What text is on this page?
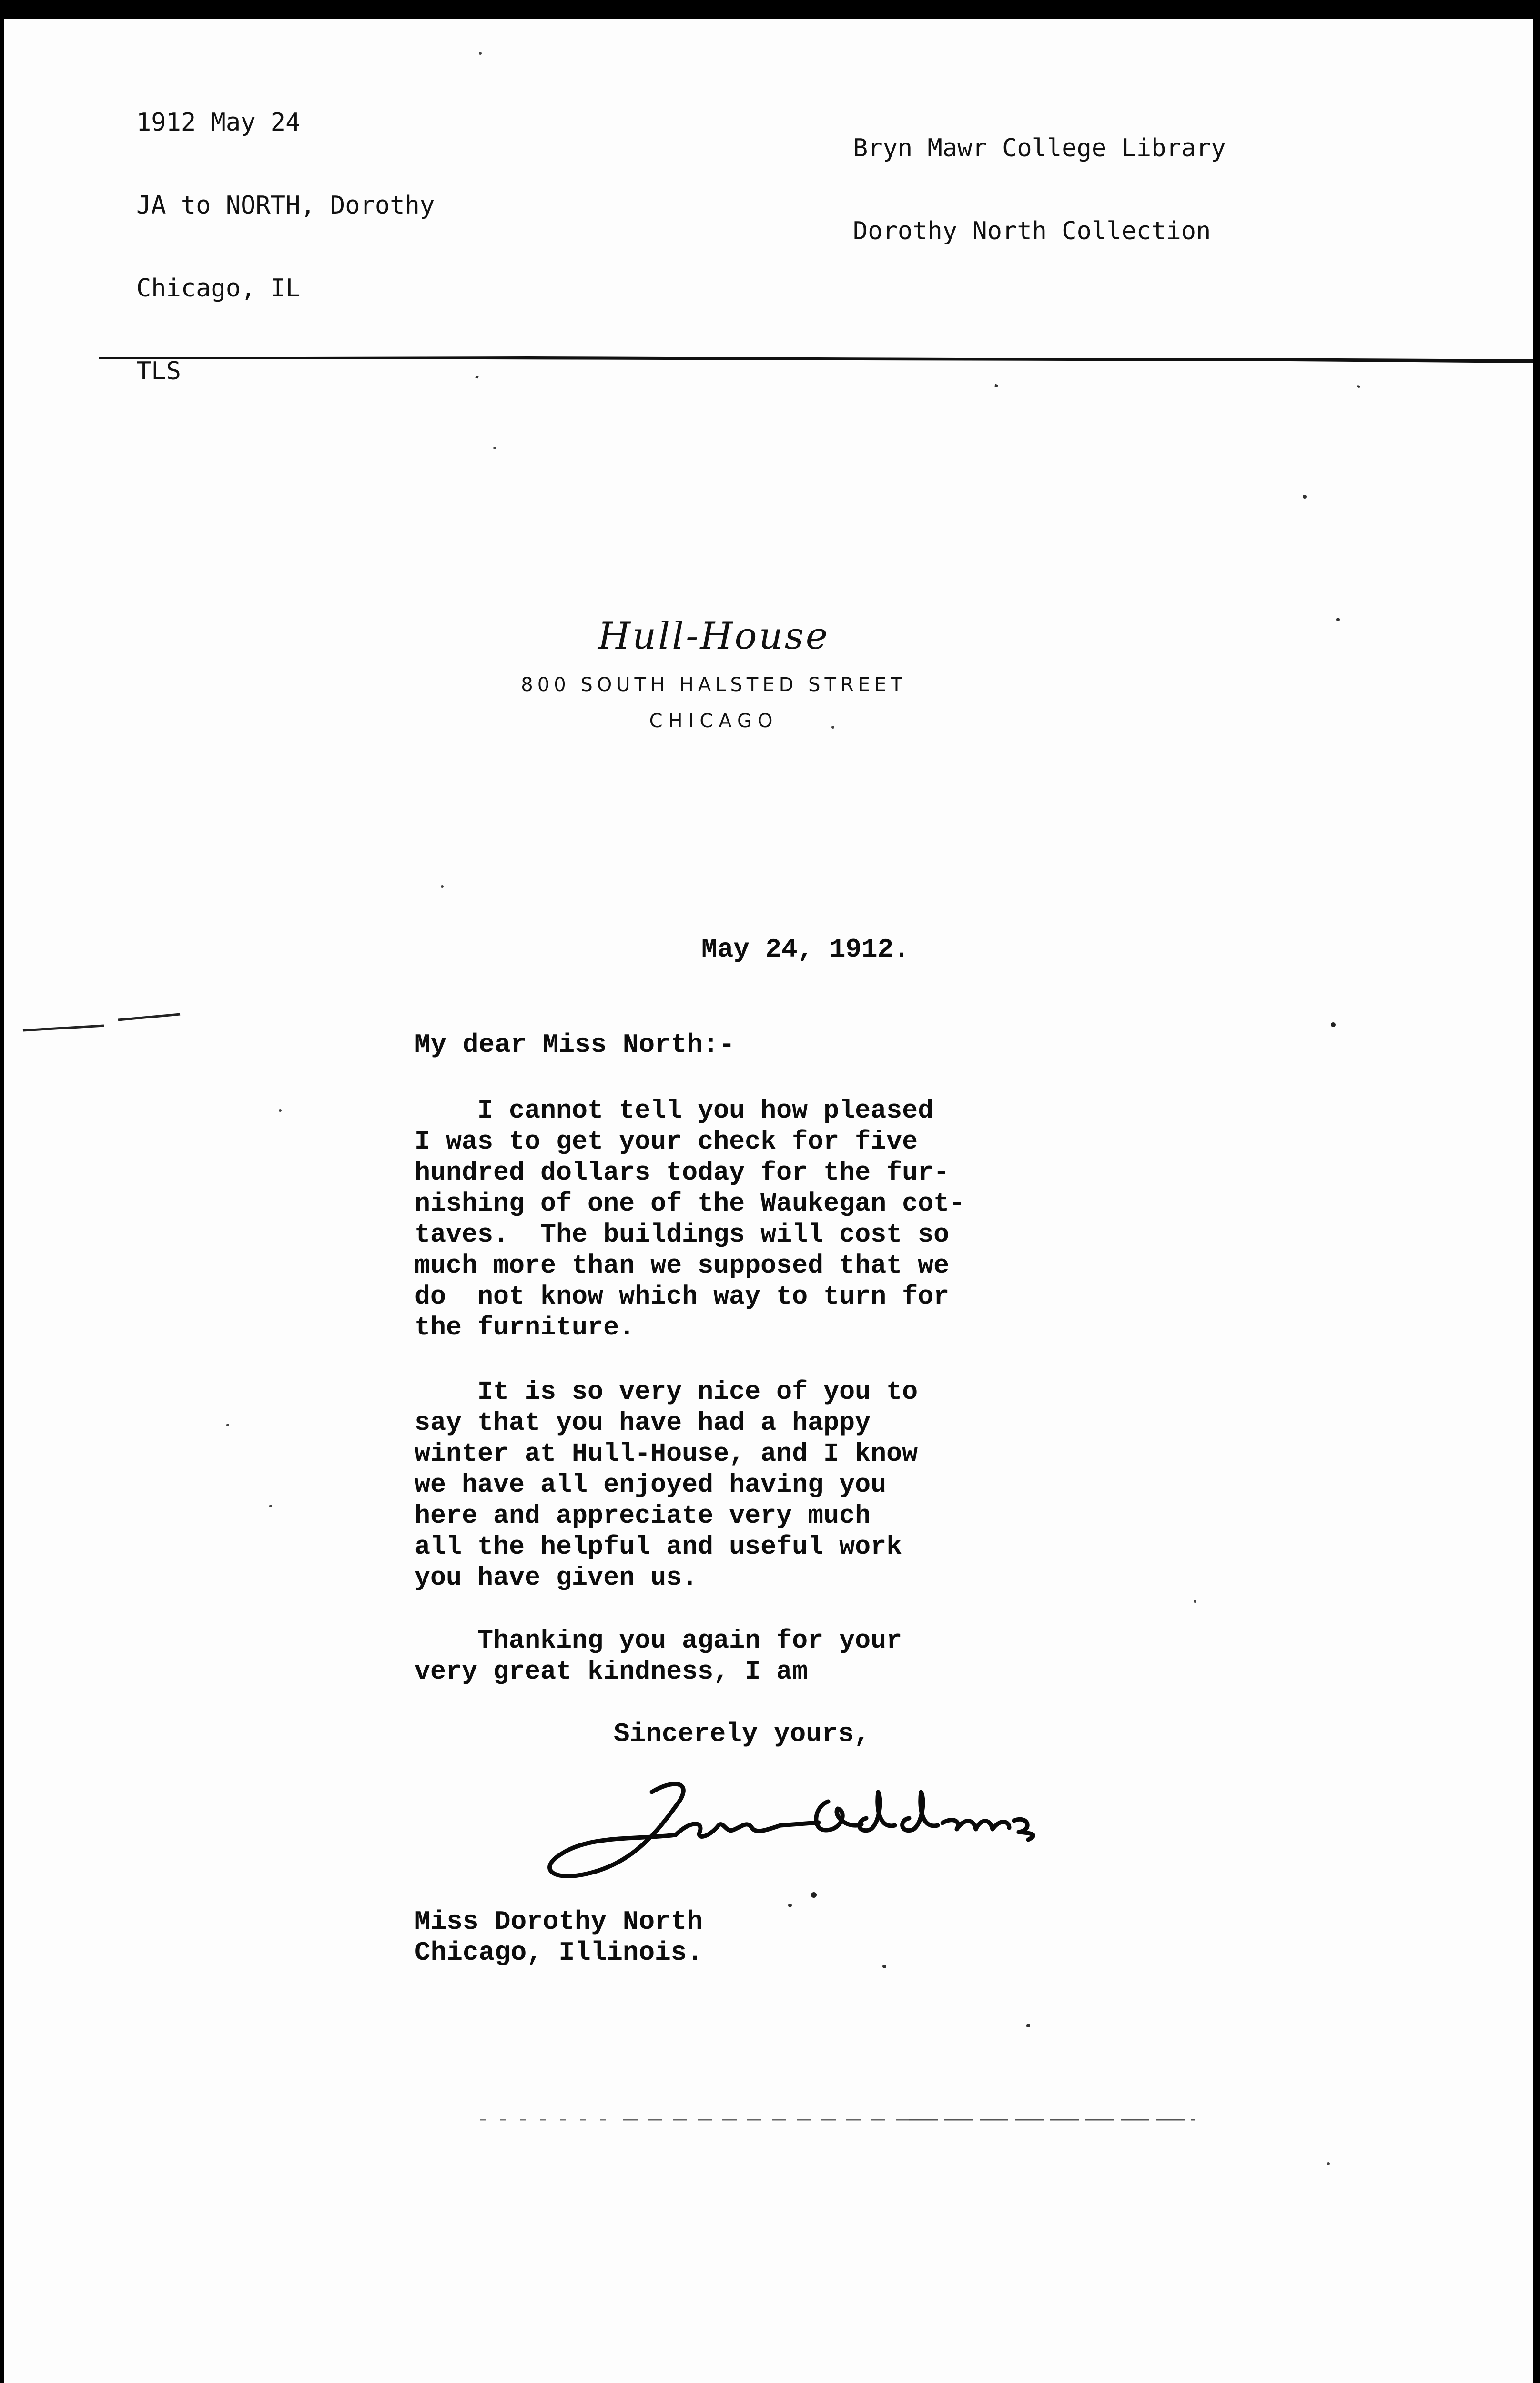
1912 May 24

JA to NORTH, Dorothy

Chicago, IL

TLS

Bryn Mawr College Library

Dorothy North Collection

Hull-House
800 SOUTH HALSTED STREET
CHICAGO
May 24, 1912.
My dear Miss North:-
I cannot tell you how pleased
I was to get your check for five
hundred dollars today for the fur-
nishing of one of the Waukegan cot-
taves.  The buildings will cost so
much more than we supposed that we
do  not know which way to turn for
the furniture.
It is so very nice of you to
say that you have had a happy
winter at Hull-House, and I know
we have all enjoyed having you
here and appreciate very much
all the helpful and useful work
you have given us.
Thanking you again for your
very great kindness, I am
Sincerely yours,
Miss Dorothy North
Chicago, Illinois.
